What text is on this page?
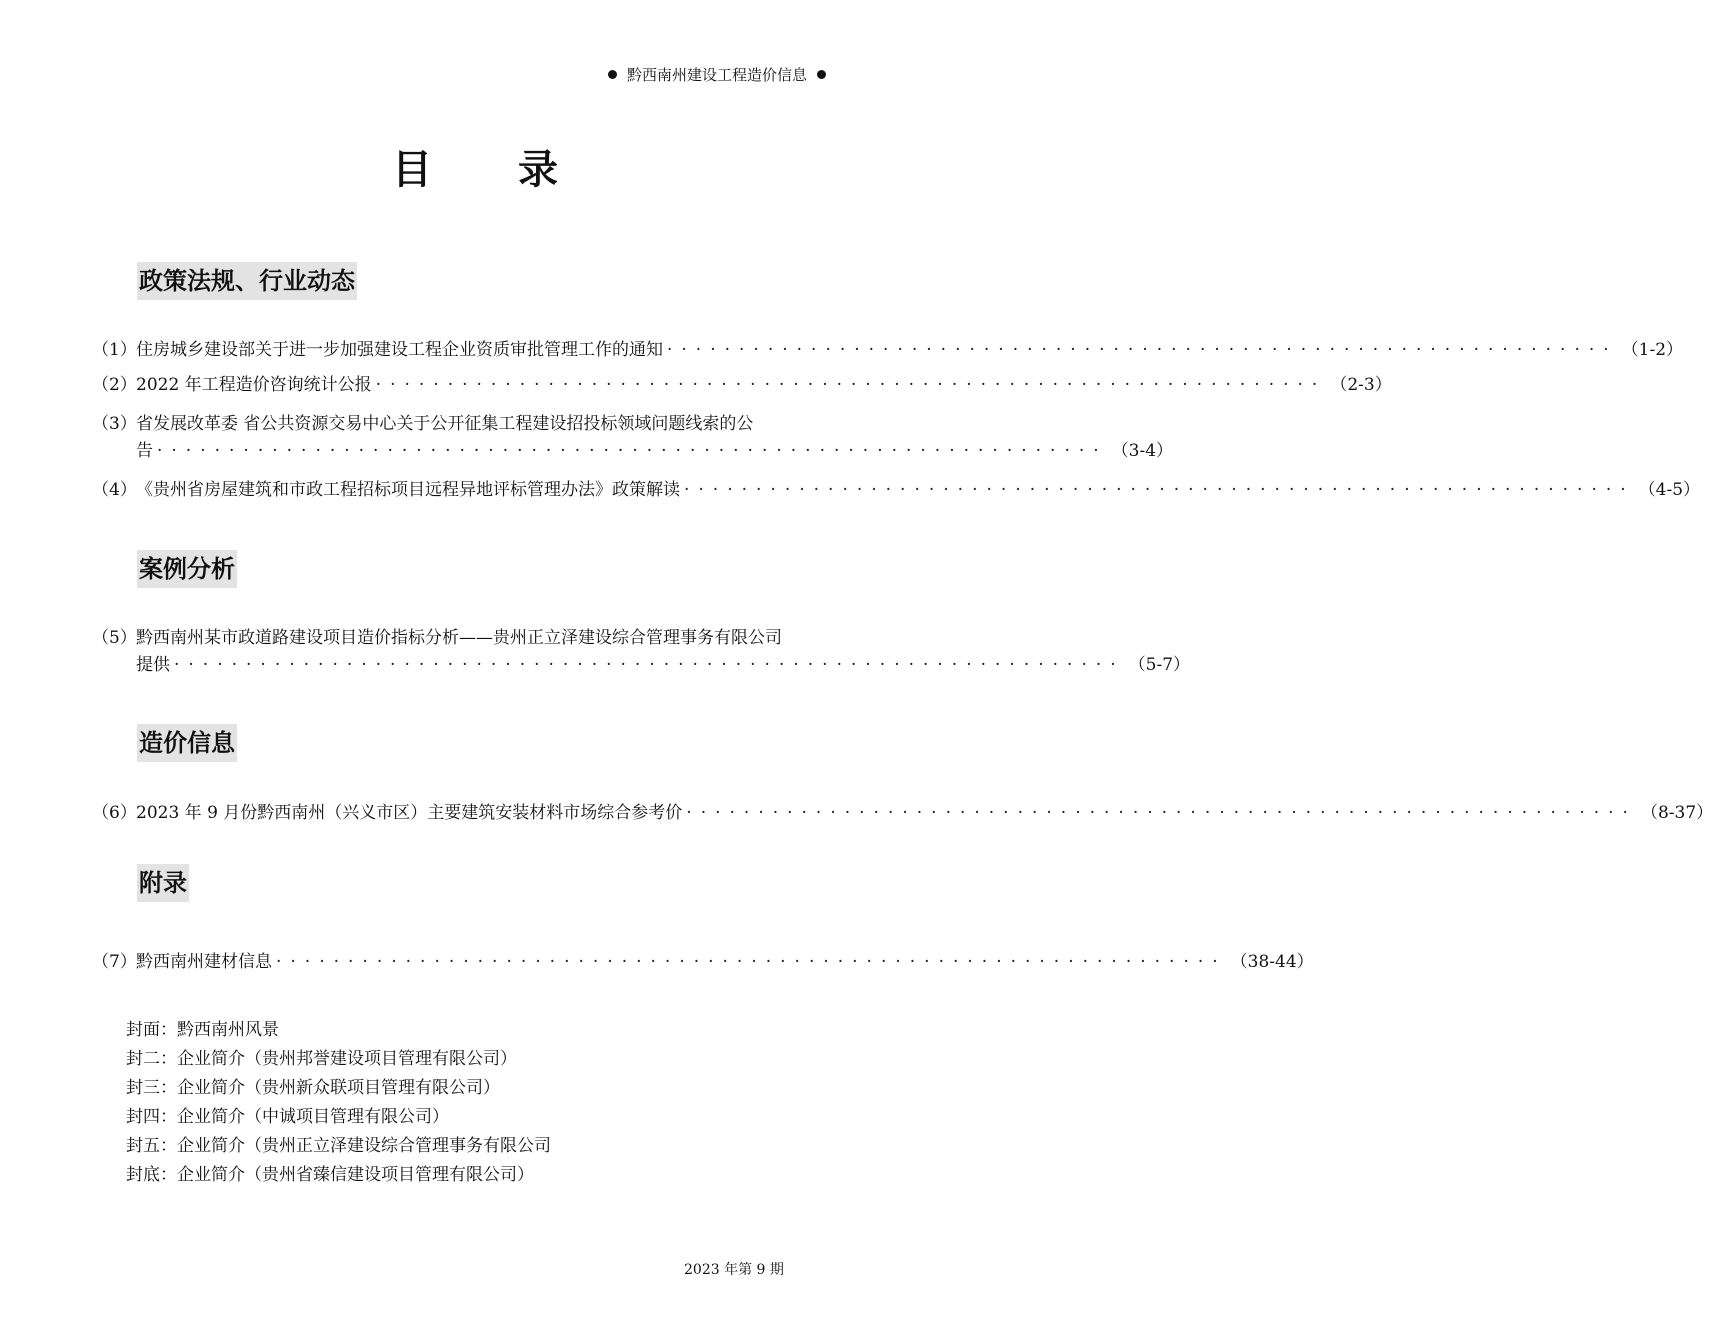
黔西南州建设工程造价信息
目 录
政策法规、行业动态
（1） 住房城乡建设部关于进一步加强建设工程企业资质审批管理工作的通知 ·································································· （1-2）
（2） 2022 年工程造价咨询统计公报 ·································································· （2-3）
（3） 省发展改革委 省公共资源交易中心关于公开征集工程建设招投标领域问题线索的公
告 ·································································· （3-4）
（4） 《贵州省房屋建筑和市政工程招标项目远程异地评标管理办法》政策解读 ·································································· （4-5）
案例分析
（5） 黔西南州某市政道路建设项目造价指标分析——贵州正立泽建设综合管理事务有限公司
提供 ·································································· （5-7）
造价信息
（6） 2023 年 9 月份黔西南州（兴义市区）主要建筑安装材料市场综合参考价 ·································································· （8-37）
附录
（7） 黔西南州建材信息 ·································································· （38-44）
封面：黔西南州风景
封二：企业简介（贵州邦誉建设项目管理有限公司）
封三：企业简介（贵州新众联项目管理有限公司）
封四：企业简介（中诚项目管理有限公司）
封五：企业简介（贵州正立泽建设综合管理事务有限公司
封底：企业简介（贵州省臻信建设项目管理有限公司）
2023 年第 9 期
